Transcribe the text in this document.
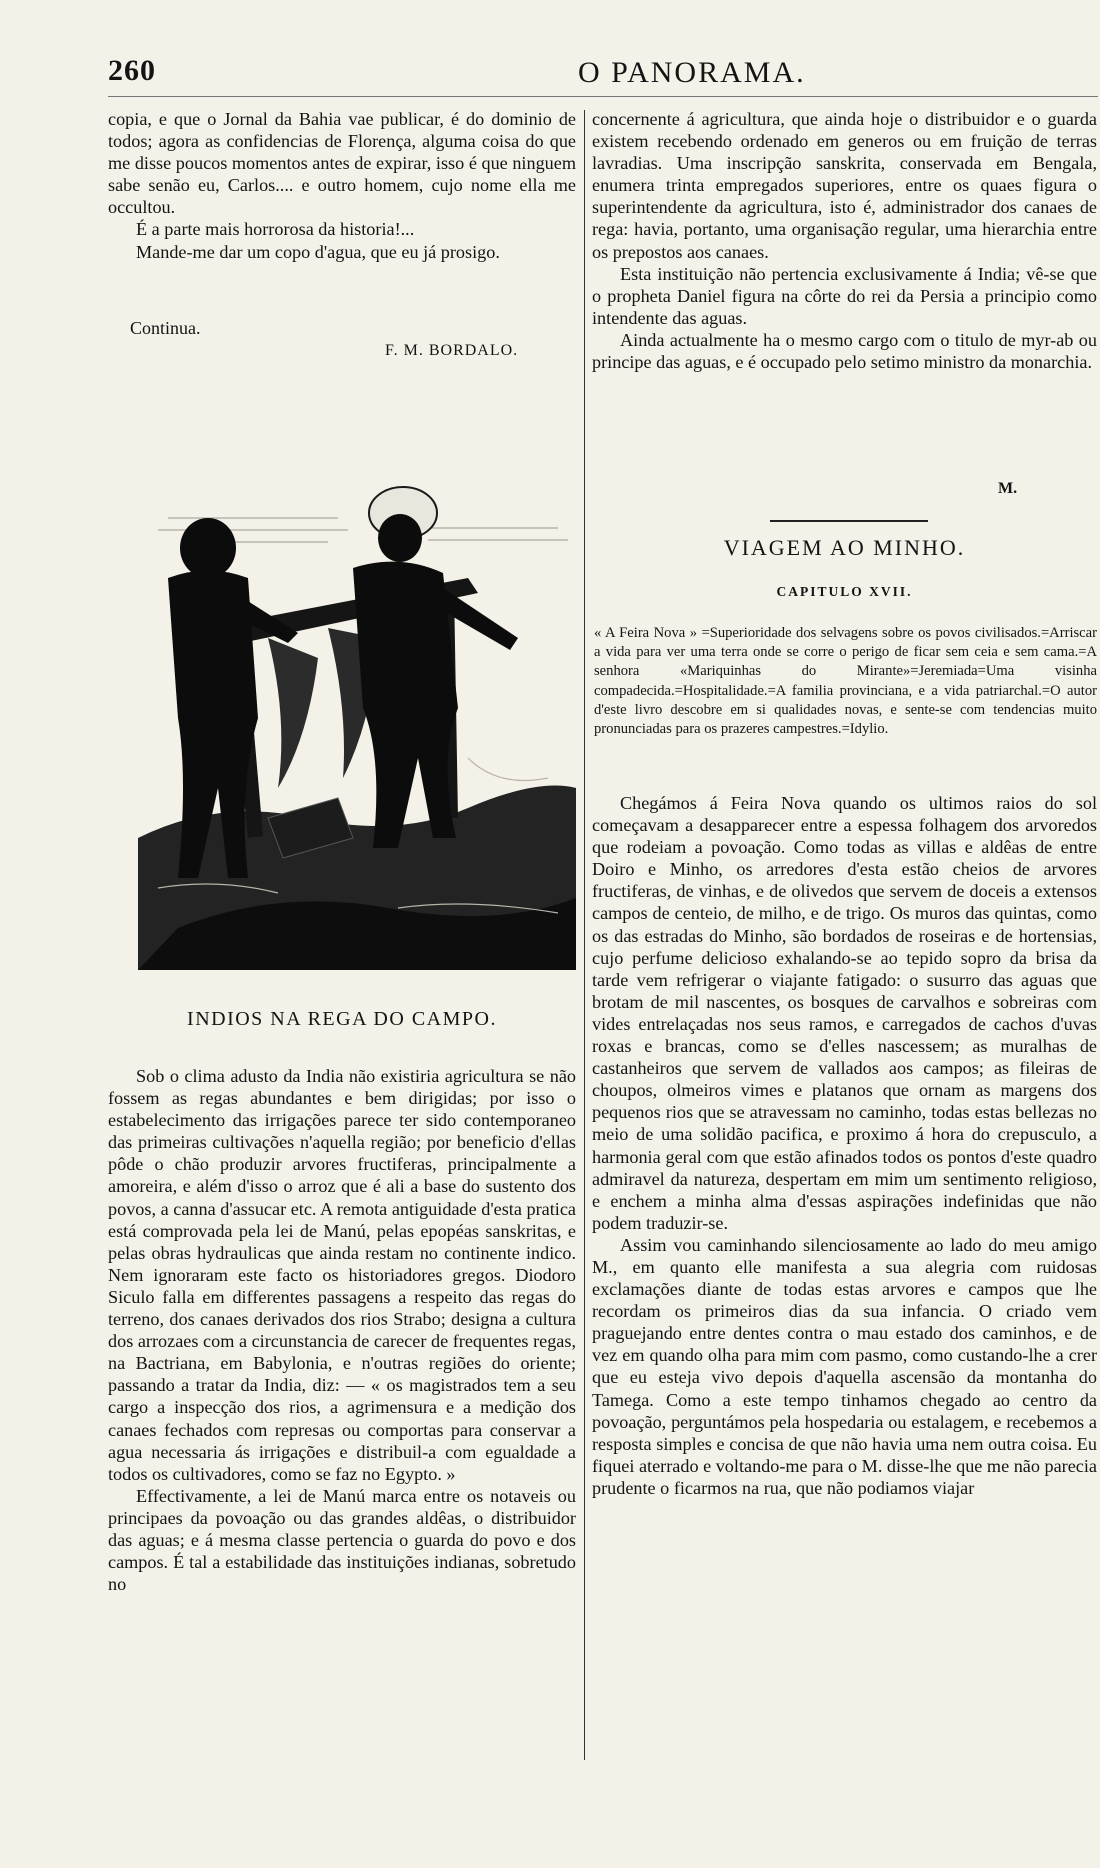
260	O PANORAMA.

copia, e que o Jornal da Bahia vae publicar, é do dominio de todos; agora as confidencias de Florença, alguma coisa do que me disse poucos momentos antes de expirar, isso é que ninguem sabe senão eu, Carlos.... e outro homem, cujo nome ella me occultou.

É a parte mais horrorosa da historia!...

Mande-me dar um copo d'agua, que eu já prosigo.

Continua.
F. M. BORDALO.
INDIOS NA REGA DO CAMPO.

Sob o clima adusto da India não existiria agricultura se não fossem as regas abundantes e bem dirigidas; por isso o estabelecimento das irrigações parece ter sido contemporaneo das primeiras cultivações n'aquella região; por beneficio d'ellas pôde o chão produzir arvores fructiferas, principalmente a amoreira, e além d'isso o arroz que é ali a base do sustento dos povos, a canna d'assucar etc. A remota antiguidade d'esta pratica está comprovada pela lei de Manú, pelas epopéas sanskritas, e pelas obras hydraulicas que ainda restam no continente indico. Nem ignoraram este facto os historiadores gregos. Diodoro Siculo falla em differentes passagens a respeito das regas do terreno, dos canaes derivados dos rios Strabo; designa a cultura dos arrozaes com a circunstancia de carecer de frequentes regas, na Bactriana, em Babylonia, e n'outras regiões do oriente; passando a tratar da India, diz: — « os magistrados tem a seu cargo a inspecção dos rios, a agrimensura e a medição dos canaes fechados com represas ou comportas para conservar a agua necessaria ás irrigações e distribuil-a com egualdade a todos os cultivadores, como se faz no Egypto. »

Effectivamente, a lei de Manú marca entre os notaveis ou principaes da povoação ou das grandes aldêas, o distribuidor das aguas; e á mesma classe pertencia o guarda do povo e dos campos. É tal a estabilidade das instituições indianas, sobretudo no

concernente á agricultura, que ainda hoje o distribuidor e o guarda existem recebendo ordenado em generos ou em fruição de terras lavradias. Uma inscripção sanskrita, conservada em Bengala, enumera trinta empregados superiores, entre os quaes figura o superintendente da agricultura, isto é, administrador dos canaes de rega: havia, portanto, uma organisação regular, uma hierarchia entre os prepostos aos canaes.

Esta instituição não pertencia exclusivamente á India; vê-se que o propheta Daniel figura na côrte do rei da Persia a principio como intendente das aguas.

Ainda actualmente ha o mesmo cargo com o titulo de myr-ab ou principe das aguas, e é occupado pelo setimo ministro da monarchia.

M.
VIAGEM AO MINHO.
CAPITULO XVII.
« A Feira Nova » =Superioridade dos selvagens sobre os povos civilisados.=Arriscar a vida para ver uma terra onde se corre o perigo de ficar sem ceia e sem cama.=A senhora «Mariquinhas do Mirante»=Jeremiada=Uma visinha compadecida.=Hospitalidade.=A familia provinciana, e a vida patriarchal.=O autor d'este livro descobre em si qualidades novas, e sente-se com tendencias muito pronunciadas para os prazeres campestres.=Idylio.

Chegámos á Feira Nova quando os ultimos raios do sol começavam a desapparecer entre a espessa folhagem dos arvoredos que rodeiam a povoação. Como todas as villas e aldêas de entre Doiro e Minho, os arredores d'esta estão cheios de arvores fructiferas, de vinhas, e de olivedos que servem de doceis a extensos campos de centeio, de milho, e de trigo. Os muros das quintas, como os das estradas do Minho, são bordados de roseiras e de hortensias, cujo perfume delicioso exhalando-se ao tepido sopro da brisa da tarde vem refrigerar o viajante fatigado: o susurro das aguas que brotam de mil nascentes, os bosques de carvalhos e sobreiras com vides entrelaçadas nos seus ramos, e carregados de cachos d'uvas roxas e brancas, como se d'elles nascessem; as muralhas de castanheiros que servem de vallados aos campos; as fileiras de choupos, olmeiros vimes e platanos que ornam as margens dos pequenos rios que se atravessam no caminho, todas estas bellezas no meio de uma solidão pacifica, e proximo á hora do crepusculo, a harmonia geral com que estão afinados todos os pontos d'este quadro admiravel da natureza, despertam em mim um sentimento religioso, e enchem a minha alma d'essas aspirações indefinidas que não podem traduzir-se.

Assim vou caminhando silenciosamente ao lado do meu amigo M., em quanto elle manifesta a sua alegria com ruidosas exclamações diante de todas estas arvores e campos que lhe recordam os primeiros dias da sua infancia. O criado vem praguejando entre dentes contra o mau estado dos caminhos, e de vez em quando olha para mim com pasmo, como custando-lhe a crer que eu esteja vivo depois d'aquella ascensão da montanha do Tamega. Como a este tempo tinhamos chegado ao centro da povoação, perguntámos pela hospedaria ou estalagem, e recebemos a resposta simples e concisa de que não havia uma nem outra coisa. Eu fiquei aterrado e voltando-me para o M. disse-lhe que me não parecia prudente o ficarmos na rua, que não podiamos viajar
